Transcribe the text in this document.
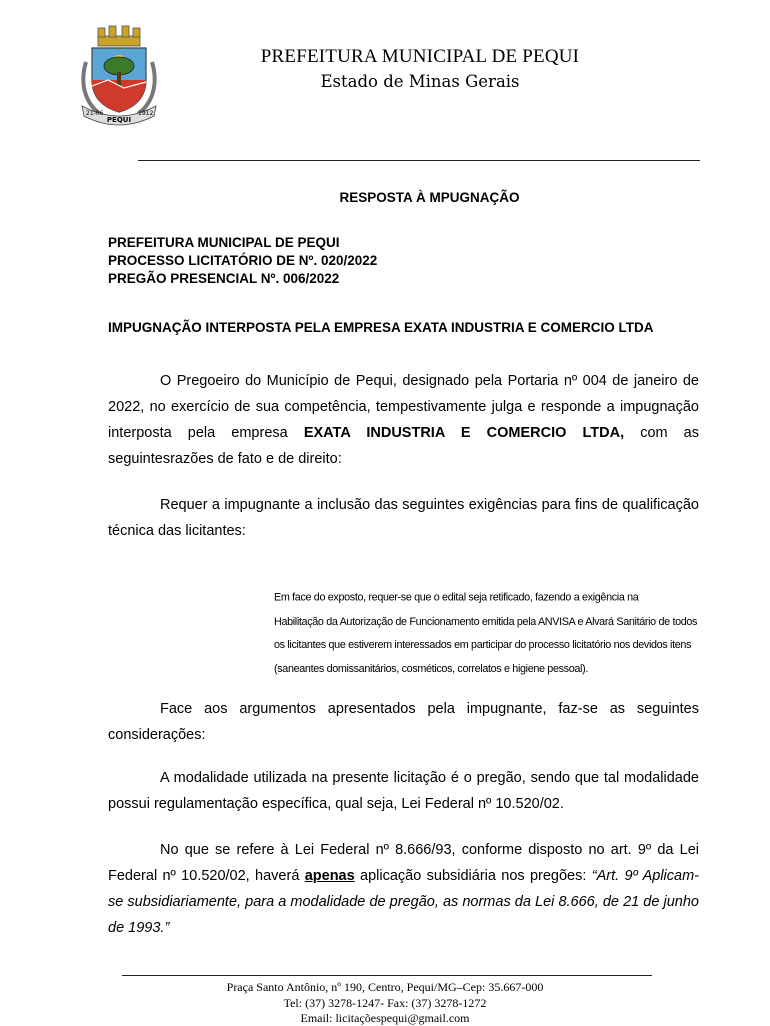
21-06
PEQUI
1912
PREFEITURA MUNICIPAL DE PEQUI
Estado de Minas Gerais
RESPOSTA À MPUGNAÇÃO
PREFEITURA MUNICIPAL DE PEQUI
PROCESSO LICITATÓRIO DE Nº. 020/2022
PREGÃO PRESENCIAL Nº. 006/2022
IMPUGNAÇÃO INTERPOSTA PELA EMPRESA EXATA INDUSTRIA E COMERCIO LTDA
O Pregoeiro do Município de Pequi, designado pela Portaria nº 004 de janeiro de 2022, no exercício de sua competência, tempestivamente julga e responde a impugnação interposta pela empresa EXATA INDUSTRIA E COMERCIO LTDA, com as seguintesrazões de fato e de direito:
Requer a impugnante a inclusão das seguintes exigências para fins de qualificação técnica das licitantes:
Em face do exposto, requer-se que o edital seja retificado, fazendo a exigência na
Habilitação da Autorização de Funcionamento emitida pela ANVISA e Alvará Sanitário de todos
os licitantes que estiverem interessados em participar do processo licitatório nos devidos itens
(saneantes domissanitários, cosméticos, correlatos e higiene pessoal).
Face aos argumentos apresentados pela impugnante, faz-se as seguintes considerações:
A modalidade utilizada na presente licitação é o pregão, sendo que tal modalidade possui regulamentação específica, qual seja, Lei Federal nº 10.520/02.
No que se refere à Lei Federal nº 8.666/93, conforme disposto no art. 9º da Lei Federal nº 10.520/02, haverá apenas aplicação subsidiária nos pregões: “Art. 9º Aplicam-se subsidiariamente, para a modalidade de pregão, as normas da Lei 8.666, de 21 de junho de 1993.”
Praça Santo Antônio, nº 190, Centro, Pequi/MG–Cep: 35.667-000
Tel: (37) 3278-1247- Fax: (37) 3278-1272
Email: licitaçõespequi@gmail.com
